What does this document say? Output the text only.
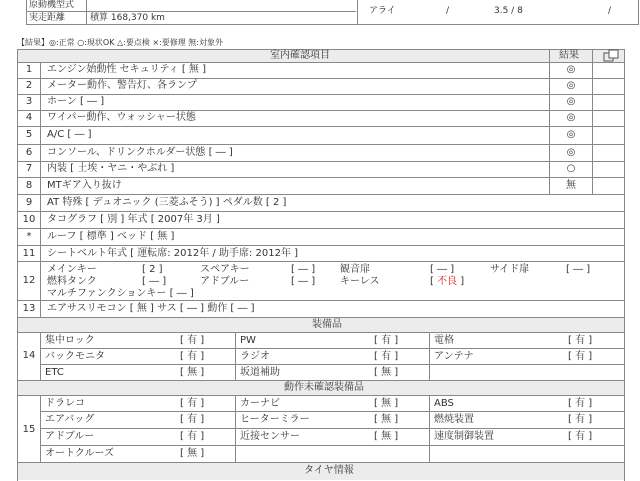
原動機型式
実走距離	積算 168,370 km
アライ	/	3.5 / 8	/
【結果】◎:正常 ○:現状OK △:要点検 ×:要修理 無:対象外
室内確認項目	結果
1	エンジン始動性 セキュリティ [ 無 ]	◎
2	メーター動作、警告灯、各ランプ	◎
3	ホーン [ ― ]	◎
4	ワイパー動作、ウォッシャー状態	◎
5	A/C [ ― ]	◎
6	コンソール、ドリンクホルダー状態 [ ― ]	◎
7	内装 [ 土埃・ヤニ・やぶれ ]	○
8	MTギア入り抜け	無
9	AT 特殊 [ デュオニック (三菱ふそう) ] ペダル数 [ 2 ]
10	タコグラフ [ 別 ] 年式 [ 2007年 3月 ]
*	ルーフ [ 標準 ] ベッド [ 無 ]
11	シートベルト年式 [ 運転席: 2012年 / 助手席: 2012年 ]
12
メインキー	[ 2 ]	スペアキー	[ ― ] 観音扉	[ ― ]	サイド扉	[ ― ]
燃料タンク	[ ― ]	アドブルー	[ ― ] キーレス	[ 不良 ]
マルチファンクションキー [ ― ]
13	エアサスリモコン [ 無 ] サス [ ― ] 動作 [ ― ]
装備品
14
集中ロック	[ 有 ]	PW	[ 有 ]	電格	[ 有 ]
バックモニタ	[ 有 ]	ラジオ	[ 有 ]	アンテナ	[ 有 ]
ETC	[ 無 ]	坂道補助	[ 無 ]
動作未確認装備品
15
ドラレコ	[ 有 ]	カーナビ	[ 無 ]	ABS	[ 有 ]
エアバッグ	[ 有 ]	ヒーターミラー	[ 無 ]	燃焼装置	[ 有 ]
アドブルー	[ 有 ]	近接センサー	[ 無 ]	速度制御装置	[ 有 ]
オートクルーズ	[ 無 ]
タイヤ情報
